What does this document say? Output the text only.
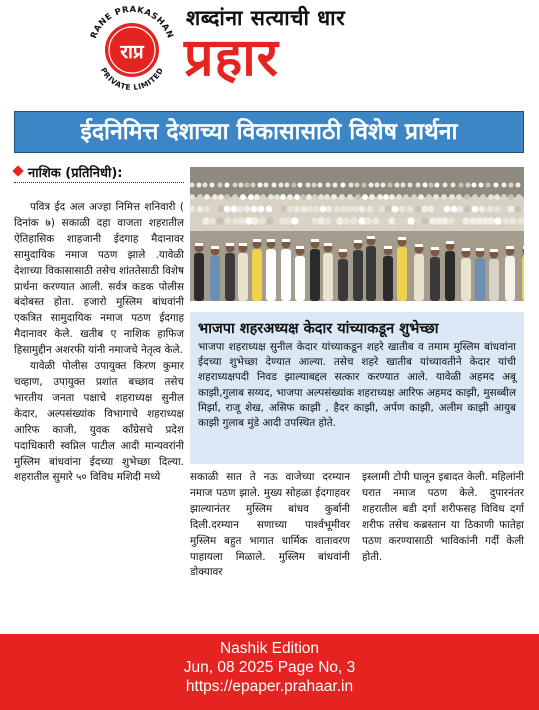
राप्र
RANE PRAKASHAN
PRIVATE LIMITED
शब्दांना सत्याची धार
प्रहार
ईदनिमित्त देशाच्या विकासासाठी विशेष प्रार्थना
नाशिक (प्रतिनिधी):

पवित्र ईद अल अज्हा निमित्त शनिवारी ( दिनांक ७) सकाळी दहा वाजता शहरातील ऐतिहासिक शाहजानी ईदगाह मैदानावर सामुदायिक नमाज पठण झाले .यावेळी देशाच्या विकासासाठी तसेच शांततेसाठी विशेष प्रार्थना करण्यात आली. सर्वत्र कडक पोलीस बंदोबस्त होता. हजारो मुस्लिम बांधवांनी एकत्रित सामुदायिक नमाज पठण ईदगाह मैदानावर केले. खतीब ए नाशिक हाफिज हिसामुद्दीन अशरफी यांनी नमाजचे नेतृत्व केले.

यावेळी पोलीस उपायुक्त किरण कुमार चव्हाण, उपायुक्त प्रशांत बच्छाव तसेच भारतीय जनता पक्षाचे शहराध्यक्ष सुनील केदार, अल्पसंख्यांक विभागाचे शहराध्यक्ष आरिफ काजी, युवक काँग्रेसचे प्रदेश पदाधिकारी स्वप्निल पाटील आदी मान्यवरांनी मुस्लिम बांधवांना ईदच्या शुभेच्छा दिल्या. शहरातील सुमारे ५० विविध मशिदी मध्ये

भाजपा शहरअध्यक्ष केदार यांच्याकडून शुभेच्छा

भाजपा शहराध्यक्ष सुनील केदार यांच्याकडून शहरे खातीब व तमाम मुस्लिम बांधवांना ईदच्या शुभेच्छा देण्यात आल्या. तसेच शहरे खातीब यांच्यावतीने केदार यांची शहराध्यक्षपदी निवड झाल्याबद्दल सत्कार करण्यात आले. यावेळी अहमद अबू काझी,गुलाब सय्यद, भाजपा अल्पसंख्यांक शहराध्यक्ष आरिफ अहमद काझी, मुसब्बील मिर्झा, राजू शेख, असिफ काझी , हैदर काझी, अर्पण काझी, अलीम काझी आयुब काझी गुलाब मुंडे आदी उपस्थित होते.

सकाळी सात ते नऊ वाजेच्या दरम्यान नमाज पठण झाले. मुख्य सोहळा ईदगाहवर झाल्यानंतर मुस्लिम बांधव कुर्बानी दिली.दरम्यान सणाच्या पार्श्वभूमीवर मुस्लिम बहुत भागात धार्मिक वातावरण पाहायला मिळाले. मुस्लिम बांधवांनी डोक्यावर

इस्लामी टोपी घालून इबादत केली. महिलांनी घरात नमाज पठण केले. दुपारनंतर शहरातील बडी दर्गा शरीफसह विविध दर्गा शरीफ तसेच कब्रस्तान या ठिकाणी फातेहा पठण करण्यासाठी भाविकांनी गर्दी केली होती.

Nashik Edition
Jun, 08 2025 Page No, 3
https://epaper.prahaar.in
